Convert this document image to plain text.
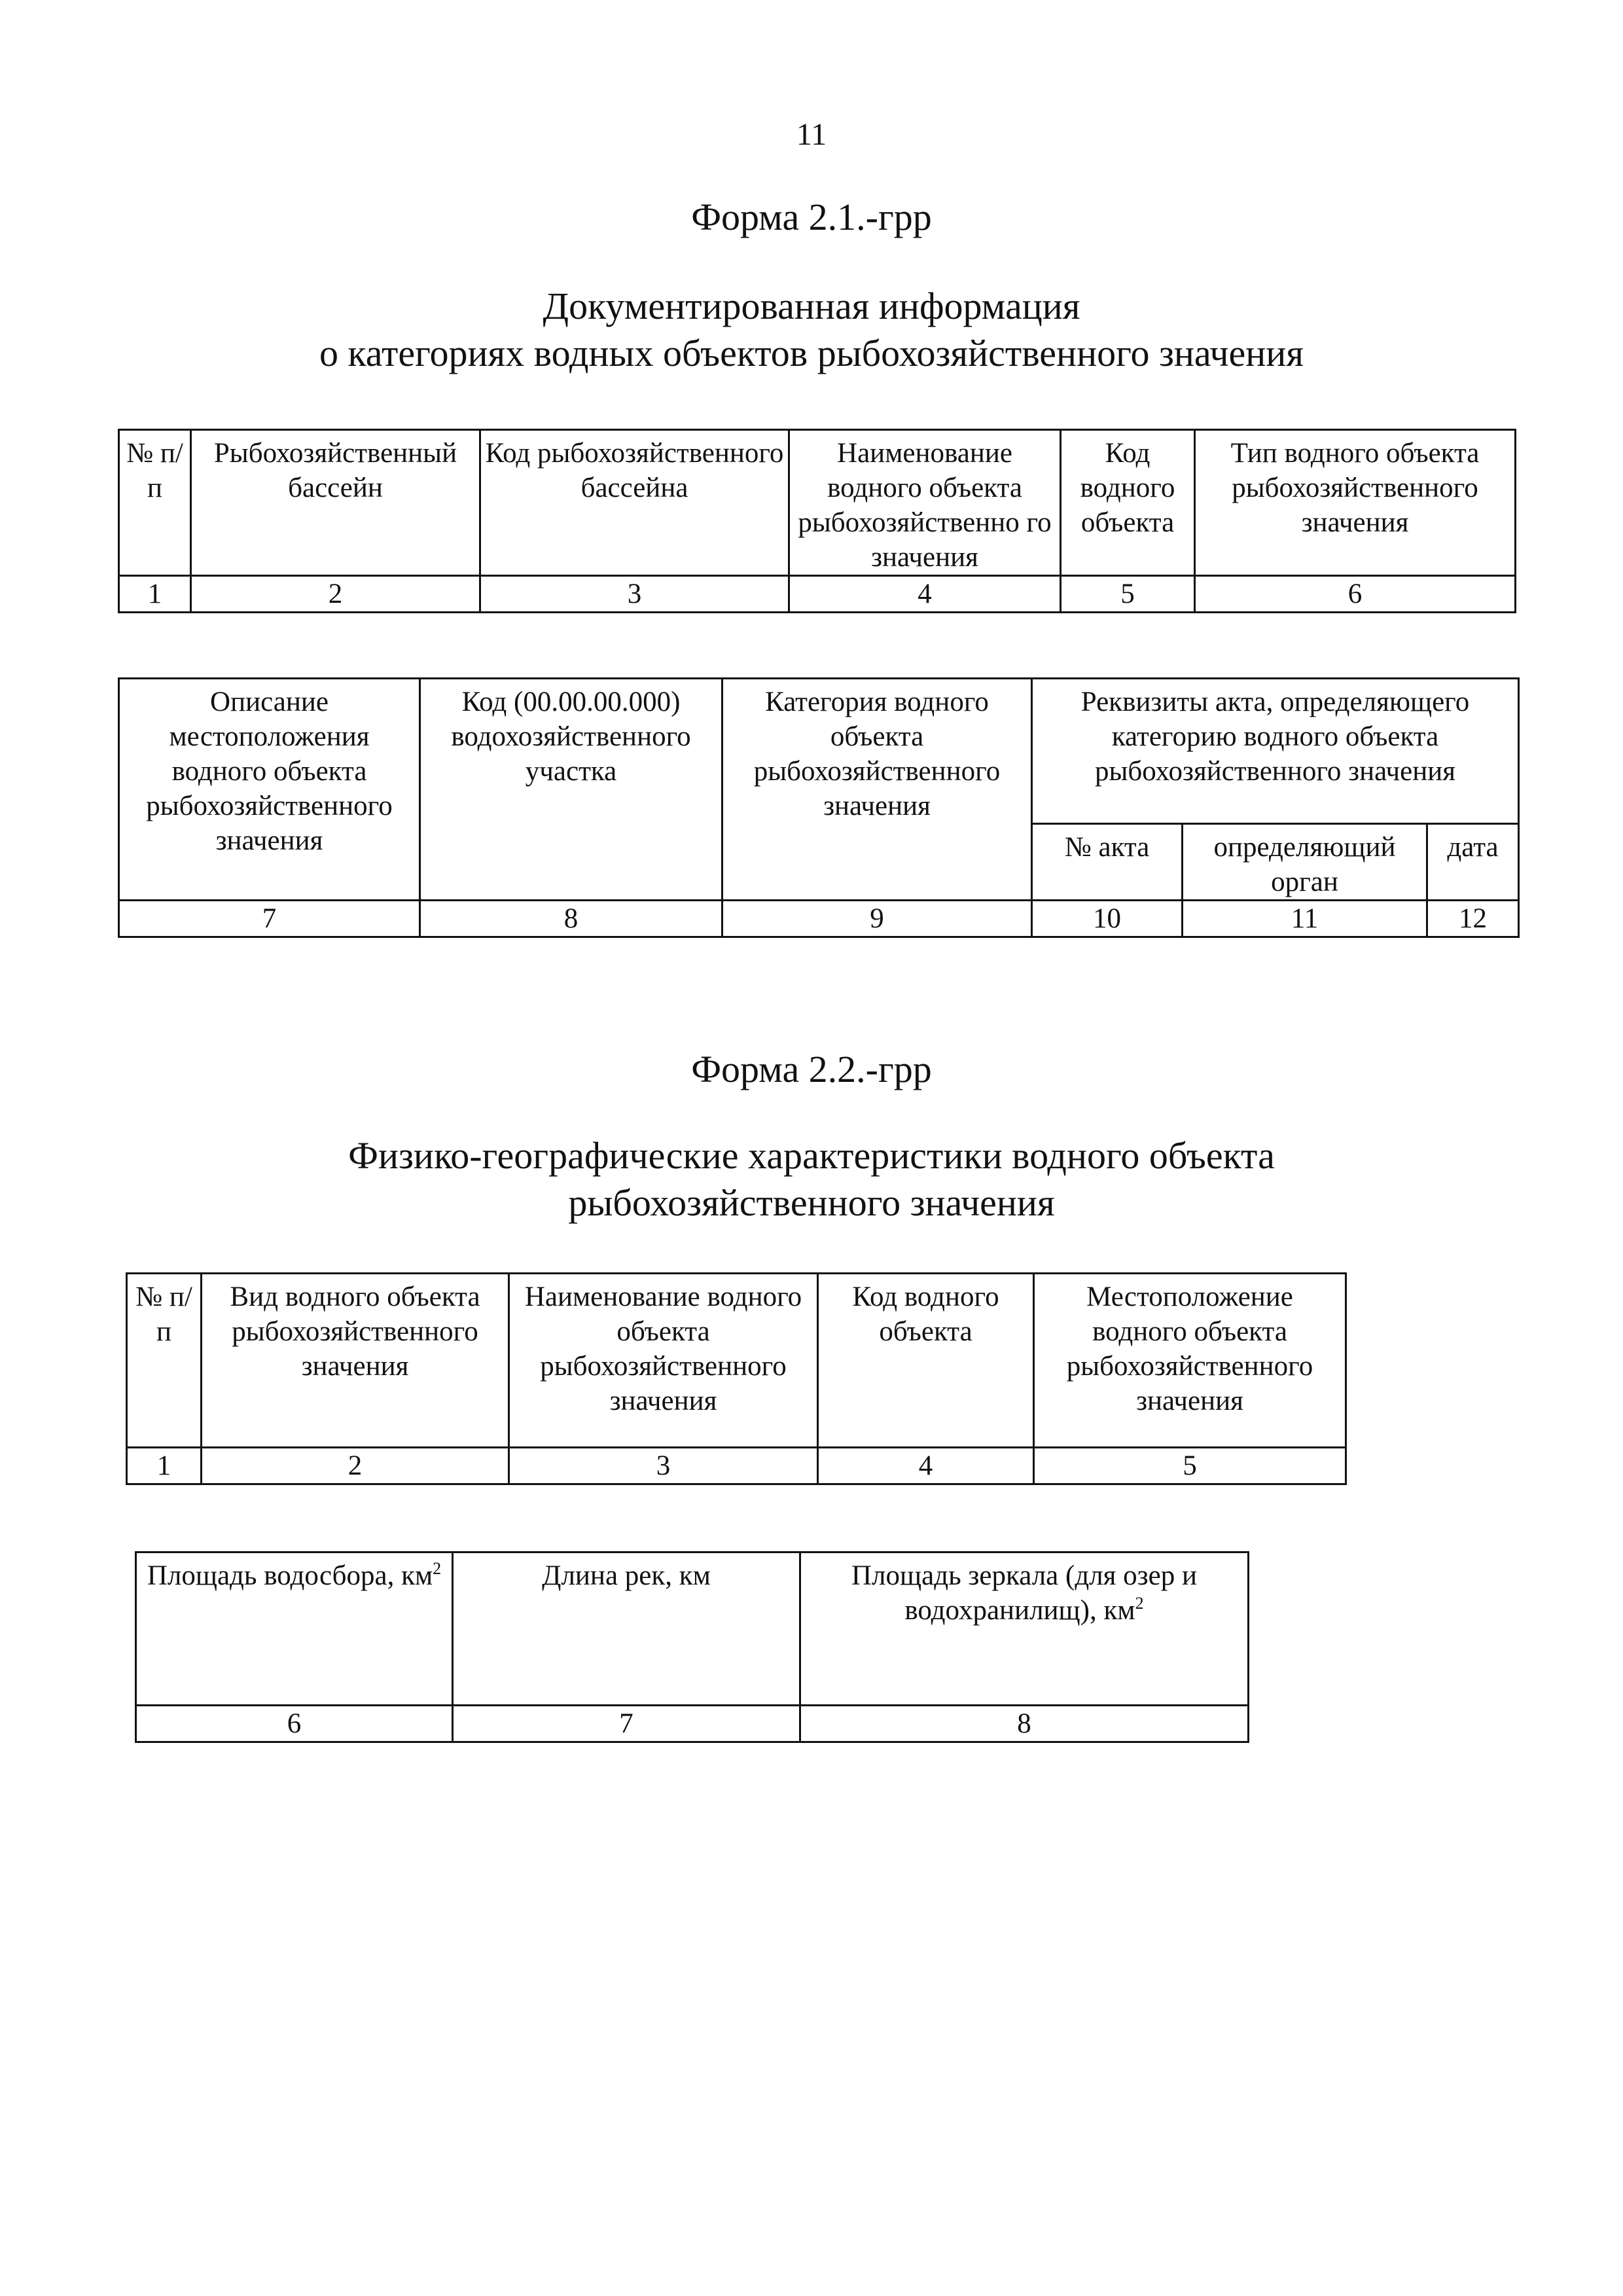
11
Форма 2.1.-грр
Документированная информация
о категориях водных объектов рыбохозяйственного значения
№ п/п	Рыбохозяйственный бассейн	Код рыбохозяйственного бассейна	Наименование водного объекта рыбохозяйственно го значения	Код водного объекта	Тип водного объекта рыбохозяйственного значения
1	2	3	4	5	6
Описание местоположения водного объекта рыбохозяйственного значения	Код (00.00.00.000) водохозяйственного участка	Категория водного объекта рыбохозяйственного значения	Реквизиты акта, определяющего категорию водного объекта рыбохозяйственного значения		
			№ акта	определяющий орган	дата
7	8	9	10	11	12
Форма 2.2.-грр
Физико-географические характеристики водного объекта
рыбохозяйственного значения
№ п/п	Вид водного объекта рыбохозяйственного значения	Наименование водного объекта рыбохозяйственного значения	Код водного объекта	Местоположение водного объекта рыбохозяйственного значения
1	2	3	4	5
Площадь водосбора, $км^2$	Длина рек, км	Площадь зеркала (для озер и водохранилищ), $км^2$
6	7	8
